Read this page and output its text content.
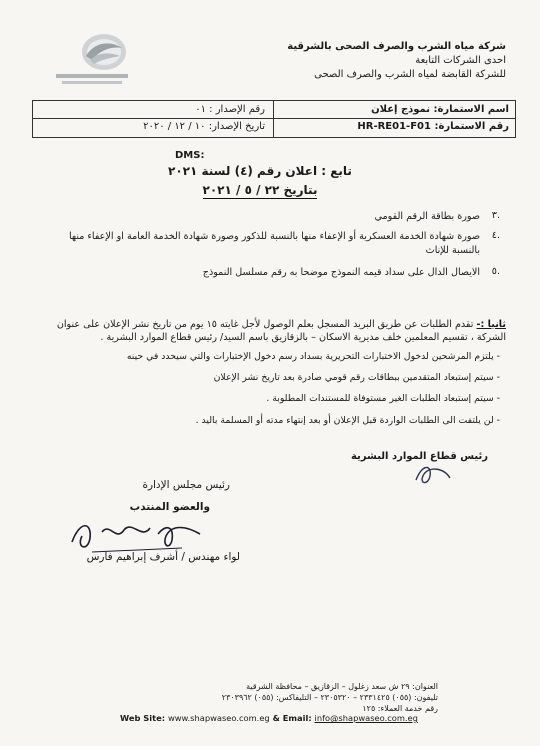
شركة مياه الشرب والصرف الصحى بالشرقية
احدى الشركات التابعة
للشركة القابضة لمياه الشرب والصرف الصحى
اسم الاستمارة: نموذج إعلان
رقم الإصدار : ٠١
رقم الاستمارة: HR-RE01-F01
تاريخ الإصدار: ١٠ / ١٢ / ٢٠٢٠
DMS:
تابع : اعلان رقم (٤) لسنة ٢٠٢١
بتاريخ ٢٢ / ٥ / ٢٠٢١
صورة بطاقة الرقم القومي ٣.
صورة شهادة الخدمة العسكرية أو الإعفاء منها بالنسبة للذكور وصورة شهادة الخدمة العامة او الإعفاء منها بالنسبة للإناث
٤.
الايصال الدال على سداد قيمه النموذج موضحا به رقم مسلسل النموذج ٥.
ثانيا :- تقدم الطلبات عن طريق البريد المسجل بعلم الوصول لأجل غايته ١٥ يوم من تاريخ نشر الإعلان على عنوان الشركة ، تقسيم المعلمين خلف مديرية الاسكان – بالزقازيق باسم السيد/ رئيس قطاع الموارد البشرية .
- يلتزم المرشحين لدخول الاختبارات التحريرية بسداد رسم دخول الإختبارات والتي سيحدد في حينه
- سيتم إستبعاد المتقدمين ببطاقات رقم قومي صادرة بعد تاريخ نشر الإعلان
- سيتم إستبعاد الطلبات الغير مستوفاة للمستندات المطلوبة .
- لن يلتفت الى الطلبات الواردة قبل الإعلان أو بعد إنتهاء مدته أو المسلمة باليد .
رئيس قطاع الموارد البشرية
رئيس مجلس الإدارة
والعضو المنتدب
لواء مهندس / أشرف إبراهيم فارس
العنوان: ٢٩ ش سعد زغلول – الزقازيق – محافظة الشرقية
تليفون: (٠٥٥) ٢٣٣١٤٢٥ – ٢٣٠٥٣٢٠ – التليفاكس: (٠٥٥) ٢٣٠٣٩٦٢
رقم خدمة العملاء: ١٢٥
Web Site: www.shapwaseo.com.eg & Email: info@shapwaseo.com.eg
